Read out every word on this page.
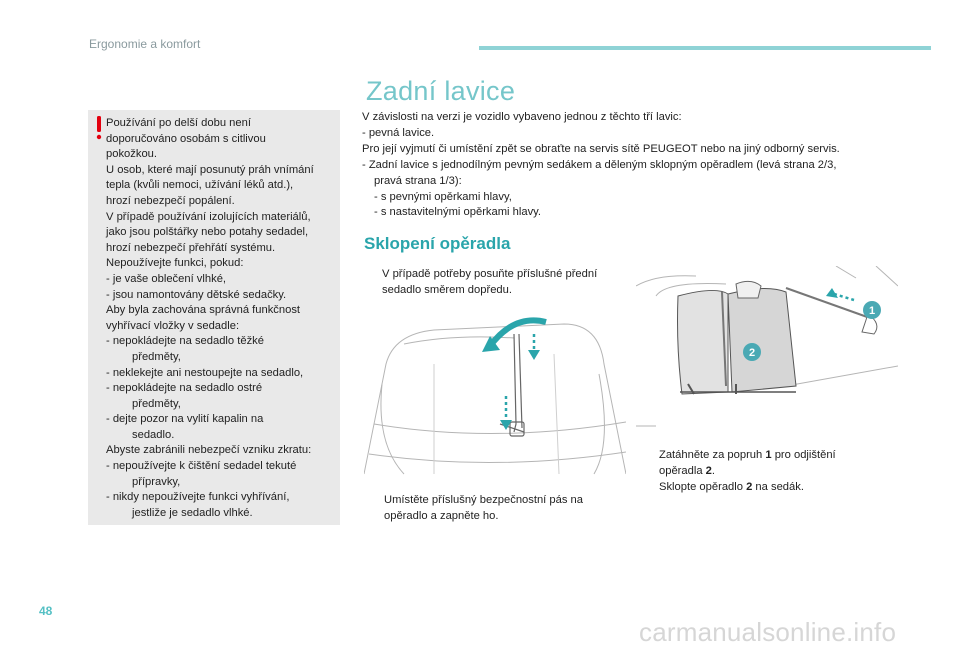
Ergonomie a komfort
Používání po delší dobu není
doporučováno osobám s citlivou
pokožkou.
U osob, které mají posunutý práh vnímání
tepla (kvůli nemoci, užívání léků atd.),
hrozí nebezpečí popálení.
V případě používání izolujících materiálů,
jako jsou polštářky nebo potahy sedadel,
hrozí nebezpečí přehřátí systému.
Nepoužívejte funkci, pokud:
- je vaše oblečení vlhké,
- jsou namontovány dětské sedačky.
Aby byla zachována správná funkčnost
vyhřívací vložky v sedadle:
- nepokládejte na sedadlo těžké
předměty,
- neklekejte ani nestoupejte na sedadlo,
- nepokládejte na sedadlo ostré
předměty,
- dejte pozor na vylití kapalin na
sedadlo.
Abyste zabránili nebezpečí vzniku zkratu:
- nepoužívejte k čištění sedadel tekuté
přípravky,
- nikdy nepoužívejte funkci vyhřívání,
jestliže je sedadlo vlhké.
Zadní lavice
V závislosti na verzi je vozidlo vybaveno jednou z těchto tří lavic:
- pevná lavice.
Pro její vyjmutí či umístění zpět se obraťte na servis sítě PEUGEOT nebo na jiný odborný servis.
- Zadní lavice s jednodílným pevným sedákem a děleným sklopným opěradlem (levá strana 2/3,
pravá strana 1/3):
- s pevnými opěrkami hlavy,
- s nastavitelnými opěrkami hlavy.
Sklopení opěradla
V případě potřeby posuňte příslušné přední
sedadlo směrem dopředu.
Umístěte příslušný bezpečnostní pás na
opěradlo a zapněte ho.
Zatáhněte za popruh 1 pro odjištění
opěradla 2.
Sklopte opěradlo 2 na sedák.
1
2
48
carmanualsonline.info
